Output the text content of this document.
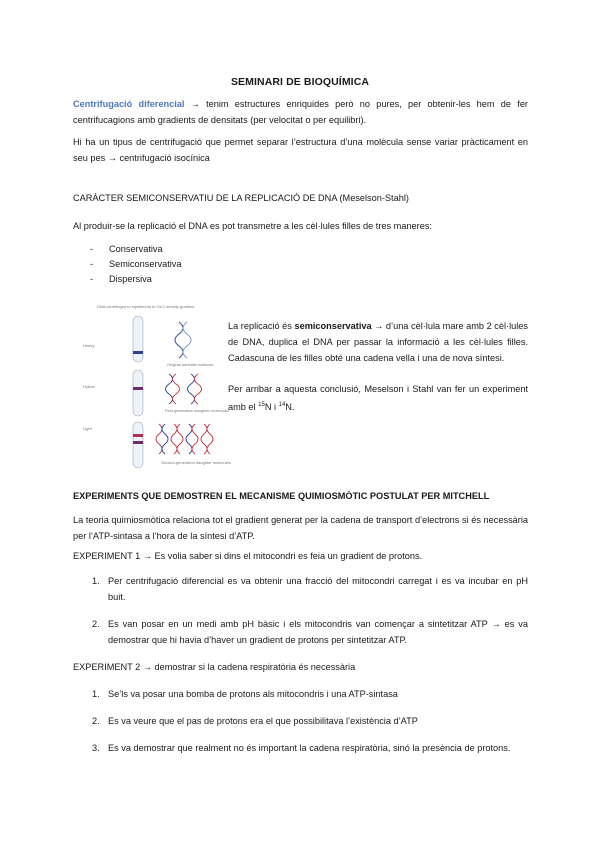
SEMINARI DE BIOQUÍMICA

Centrifugació diferencial → tenim estructures enriquides però no pures, per obtenir-les hem de fer centrifucagions amb gradients de densitats (per velocitat o per equilibri).

Hi ha un tipus de centrifugació que permet separar l’estructura d’una molècula sense variar pràcticament en seu pes → centrifugació isocínica

CARÀCTER SEMICONSERVATIU DE LA REPLICACIÓ DE DNA (Meselson-Stahl)

Al produir-se la replicació el DNA es pot transmetre a les cèl·lules filles de tres maneres:

-	Conservativa
-	Semiconservativa
-	Dispersiva
DNA centrifuged to equilibrium in CsCl density gradient
Heavy
Hybrid
Light
Original parental molecule
First-generation daughter molecules
Second-generation daughter molecules

La replicació és semiconservativa → d’una cèl·lula mare amb 2 cèl·lules de DNA, duplica el DNA per passar la informació a les cèl·lules filles. Cadascuna de les filles obté una cadena vella i una de nova síntesi.

Per arribar a aquesta conclusió, Meselson i Stahl van fer un experiment amb el $^{15}$N i $^{14}$N.

EXPERIMENTS QUE DEMOSTREN EL MECANISME QUIMIOSMÒTIC POSTULAT PER MITCHELL

La teoria quimiosmòtica relaciona tot el gradient generat per la cadena de transport d’electrons si és necessària per l’ATP-sintasa a l’hora de la síntesi d’ATP.

EXPERIMENT 1 → Es volia saber si dins el mitocondri es feia un gradient de protons.

1. Per centrifugació diferencial es va obtenir una fracció del mitocondri carregat i es va incubar en pH buit.
2. Es van posar en un medi amb pH bàsic i els mitocondris van començar a sintetitzar ATP → es va demostrar que hi havia d’haver un gradient de protons per sintetitzar ATP.

EXPERIMENT 2 → demostrar si la cadena respiratòria és necessària

1. Se’ls va posar una bomba de protons als mitocondris i una ATP-sintasa
2. Es va veure que el pas de protons era el que possibilitava l’existència d’ATP
3. Es va demostrar que realment no és important la cadena respiratòria, sinó la presència de protons.
